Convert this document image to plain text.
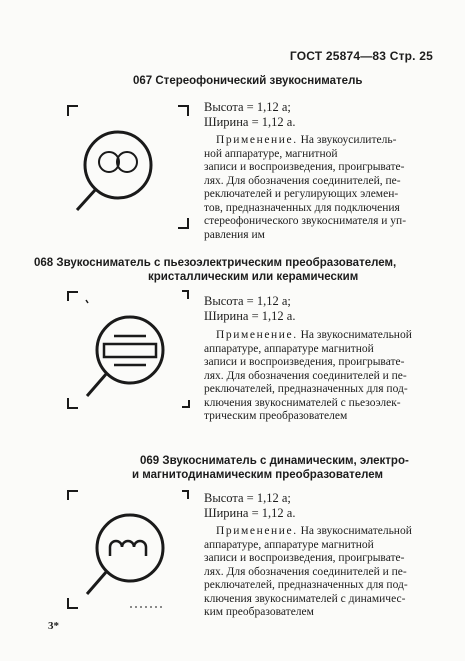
ГОСТ 25874—83 Стр. 25
067 Стереофонический звукосниматель
Высота = 1,12 а;
Ширина = 1,12 а.
Применение. На звукоусилитель-
ной аппаратуре, магнитной
записи и воспроизведения, проигрывате-
лях. Для обозначения соединителей, пе-
реключателей и регулирующих элемен-
тов, предназначенных для подключения
стереофонического звукоснимателя и уп-
равления им
068 Звукосниматель с пьезоэлектрическим преобразователем,
кристаллическим или керамическим
Высота = 1,12 а;
Ширина = 1,12 а.
Применение. На звукоснимательной
аппаратуре, аппаратуре магнитной
записи и воспроизведения, проигрывате-
лях. Для обозначения соединителей и пе-
реключателей, предназначенных для под-
ключения звукоснимателей с пьезоэлек-
трическим преобразователем
069 Звукосниматель с динамическим, электро-
и магнитодинамическим преобразователем
Высота = 1,12 а;
Ширина = 1,12 а.
Применение. На звукоснимательной
аппаратуре, аппаратуре магнитной
записи и воспроизведения, проигрывате-
лях. Для обозначения соединителей и пе-
реключателей, предназначенных для под-
ключения звукоснимателей с динамичес-
ким преобразователем
3*
